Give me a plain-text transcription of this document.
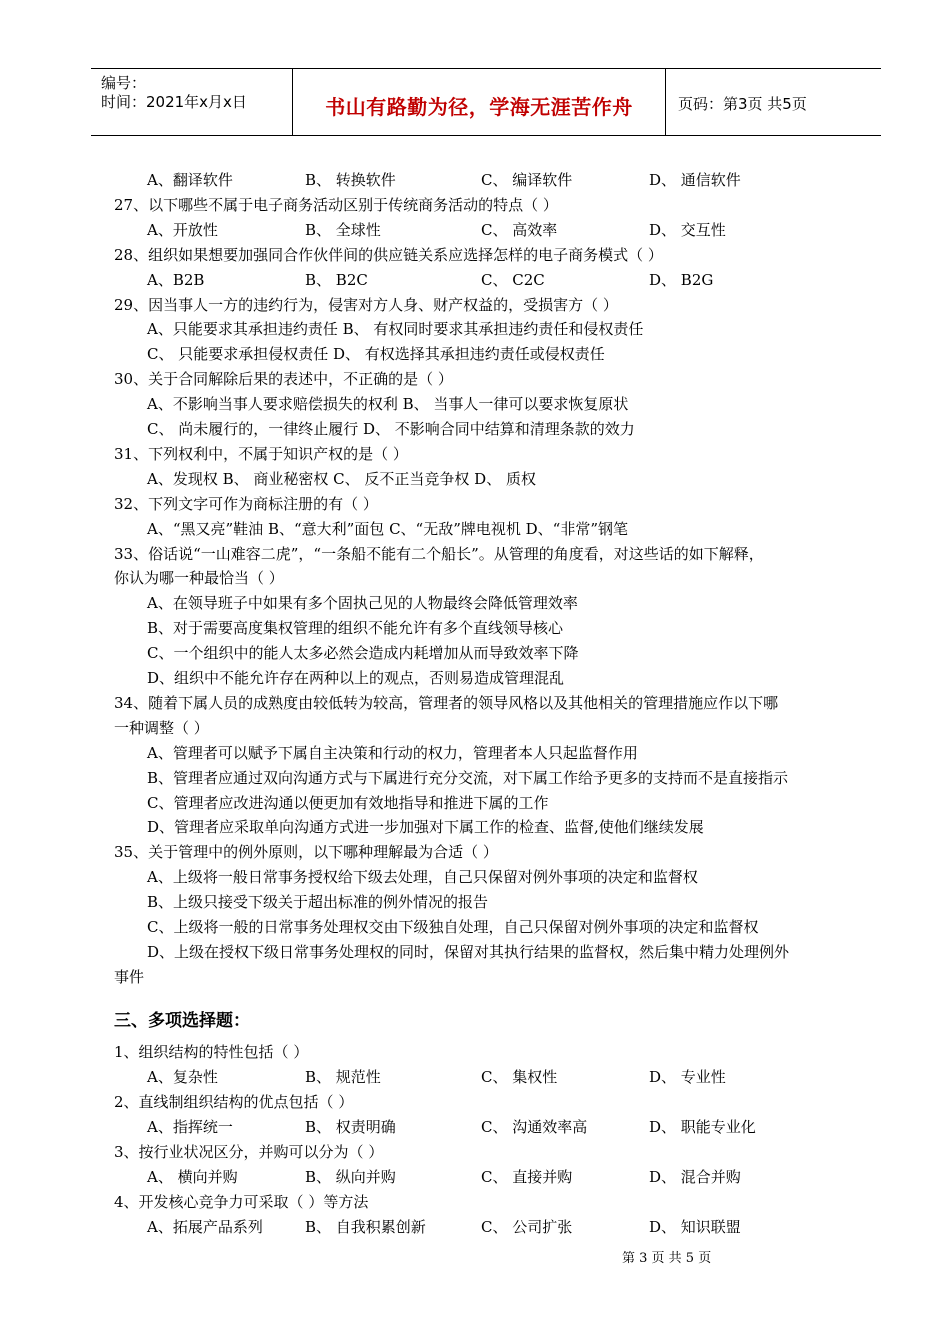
编号：
时间：2021年x月x日	书山有路勤为径，学海无涯苦作舟	页码：第3页 共5页
A、翻译软件	B、 转换软件	C、 编译软件	D、 通信软件
27、以下哪些不属于电子商务活动区别于传统商务活动的特点（ ）
A、开放性	B、 全球性	C、 高效率	D、 交互性
28、组织如果想要加强同合作伙伴间的供应链关系应选择怎样的电子商务模式（ ）
A、B2B	B、 B2C	C、 C2C	D、 B2G
29、因当事人一方的违约行为，侵害对方人身、财产权益的，受损害方（ ）
A、只能要求其承担违约责任 B、 有权同时要求其承担违约责任和侵权责任
C、 只能要求承担侵权责任 D、 有权选择其承担违约责任或侵权责任
30、关于合同解除后果的表述中，不正确的是（ ）
A、不影响当事人要求赔偿损失的权利 B、 当事人一律可以要求恢复原状
C、 尚未履行的，一律终止履行 D、 不影响合同中结算和清理条款的效力
31、下列权利中，不属于知识产权的是（ ）
A、发现权 B、 商业秘密权 C、 反不正当竞争权 D、 质权
32、下列文字可作为商标注册的有（ ）
A、“黑又亮”鞋油 B、“意大利”面包 C、“无敌”牌电视机 D、“非常”钢笔
33、俗话说“一山难容二虎”，“一条船不能有二个船长”。从管理的角度看，对这些话的如下解释，
你认为哪一种最恰当（ ）
A、在领导班子中如果有多个固执己见的人物最终会降低管理效率
B、对于需要高度集权管理的组织不能允许有多个直线领导核心
C、一个组织中的能人太多必然会造成内耗增加从而导致效率下降
D、组织中不能允许存在两种以上的观点，否则易造成管理混乱
34、随着下属人员的成熟度由较低转为较高，管理者的领导风格以及其他相关的管理措施应作以下哪
一种调整（ ）
A、管理者可以赋予下属自主决策和行动的权力，管理者本人只起监督作用
B、管理者应通过双向沟通方式与下属进行充分交流，对下属工作给予更多的支持而不是直接指示
C、管理者应改进沟通以便更加有效地指导和推进下属的工作
D、管理者应采取单向沟通方式进一步加强对下属工作的检查、监督,使他们继续发展
35、关于管理中的例外原则，以下哪种理解最为合适（ ）
A、上级将一般日常事务授权给下级去处理，自己只保留对例外事项的决定和监督权
B、上级只接受下级关于超出标准的例外情况的报告
C、上级将一般的日常事务处理权交由下级独自处理，自己只保留对例外事项的决定和监督权
D、上级在授权下级日常事务处理权的同时，保留对其执行结果的监督权，然后集中精力处理例外
事件
三、多项选择题：
1、组织结构的特性包括（ ）
A、复杂性	B、 规范性	C、 集权性	D、 专业性
2、直线制组织结构的优点包括（ ）
A、指挥统一	B、 权责明确	C、 沟通效率高	D、 职能专业化
3、按行业状况区分，并购可以分为（ ）
A、 横向并购	B、 纵向并购	C、 直接并购	D、 混合并购
4、开发核心竞争力可采取（ ）等方法
A、拓展产品系列	B、 自我积累创新	C、 公司扩张	D、 知识联盟
第 3 页 共 5 页
